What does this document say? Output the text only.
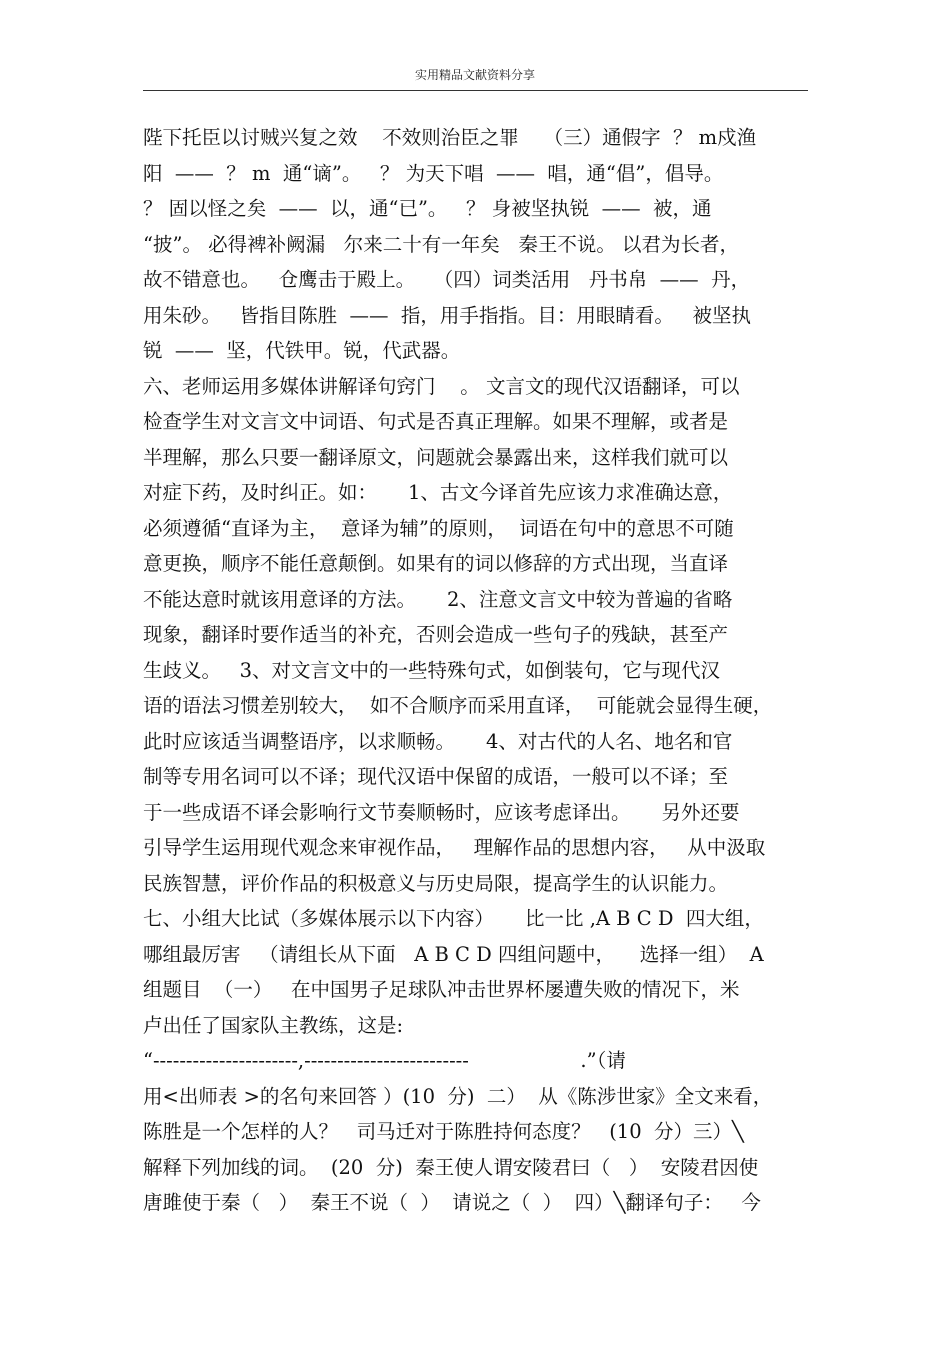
实用精品文献资料分享
陛下托臣以讨贼兴复之效    不效则治臣之罪    （三）通假字  ？ m戍渔
阳  ——  ？ m  通“谪”。   ？ 为天下唱  ——  唱，通“倡”，倡导。
？ 固以怪之矣  ——  以，通“已”。   ？ 身被坚执锐  ——  被，通
“披”。 必得裨补阙漏   尔来二十有一年矣   秦王不说。 以君为长者，
故不错意也。   仓鹰击于殿上。   （四）词类活用   丹书帛  ——  丹，
用朱砂。   皆指目陈胜  ——  指，用手指指。目：用眼睛看。   被坚执
锐  ——  坚，代铁甲。锐，代武器。
六、老师运用多媒体讲解译句窍门    。 文言文的现代汉语翻译，可以
检查学生对文言文中词语、句式是否真正理解。如果不理解，或者是
半理解，那么只要一翻译原文，问题就会暴露出来，这样我们就可以
对症下药，及时纠正。如：     1、古文今译首先应该力求准确达意，
必须遵循“直译为主，  意译为辅”的原则，  词语在句中的意思不可随
意更换，顺序不能任意颠倒。如果有的词以修辞的方式出现，当直译
不能达意时就该用意译的方法。     2、注意文言文中较为普遍的省略
现象，翻译时要作适当的补充，否则会造成一些句子的残缺，甚至产
生歧义。   3、对文言文中的一些特殊句式，如倒装句，它与现代汉
语的语法习惯差别较大，  如不合顺序而采用直译，  可能就会显得生硬，
此时应该适当调整语序，以求顺畅。     4、对古代的人名、地名和官
制等专用名词可以不译；现代汉语中保留的成语，一般可以不译；至
于一些成语不译会影响行文节奏顺畅时，应该考虑译出。     另外还要
引导学生运用现代观念来审视作品，   理解作品的思想内容，   从中汲取
民族智慧，评价作品的积极意义与历史局限，提高学生的认识能力。
七、小组大比试（多媒体展示以下内容）     比一比 ,A B C D  四大组，
哪组最厉害   （请组长从下面   A B C D 四组问题中，    选择一组）  A
组题目  （一）   在中国男子足球队冲击世界杯屡遭失败的情况下，米
卢出任了国家队主教练，这是:
“----------------------,-------------------------                  .”（请
用<出师表 >的名句来回答 ）(10  分)  二）  从《陈涉世家》全文来看，
陈胜是一个怎样的人？   司马迁对于陈胜持何态度？   (10  分）三）╲
解释下列加线的词。  (20  分)  秦王使人谓安陵君曰（   ）  安陵君因使
唐雎使于秦（   ）  秦王不说（  ）  请说之（  ）  四）╲翻译句子：   今
